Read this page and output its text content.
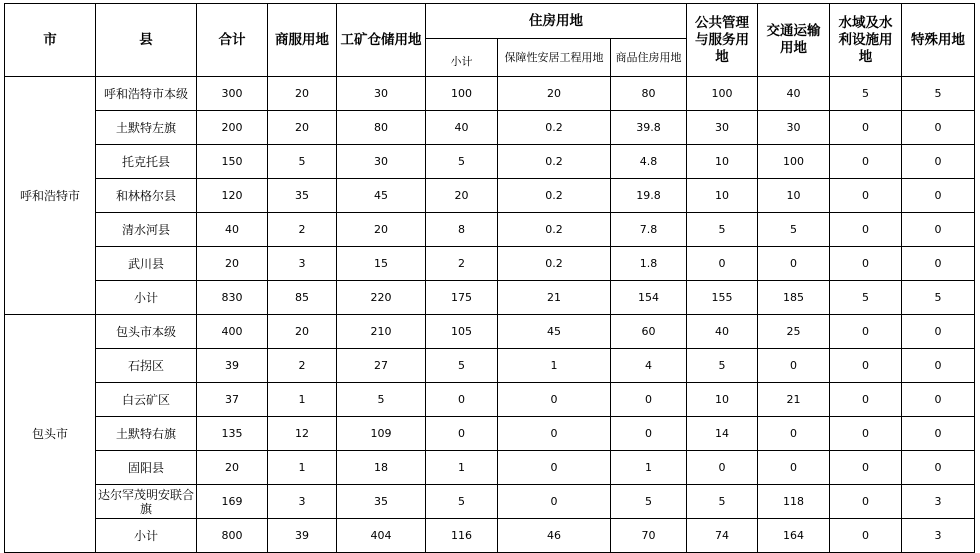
市	县	合计	商服用地	工矿仓储用地	住房用地			公共管理与服务用地	交通运输用地	水域及水利设施用地	特殊用地
					小计	保障性安居工程用地	商品住房用地				
呼和浩特市	呼和浩特市本级	300	20	30	100	20	80	100	40	5	5
	土默特左旗	200	20	80	40	0.2	39.8	30	30	0	0
	托克托县	150	5	30	5	0.2	4.8	10	100	0	0
	和林格尔县	120	35	45	20	0.2	19.8	10	10	0	0
	清水河县	40	2	20	8	0.2	7.8	5	5	0	0
	武川县	20	3	15	2	0.2	1.8	0	0	0	0
	小计	830	85	220	175	21	154	155	185	5	5
包头市	包头市本级	400	20	210	105	45	60	40	25	0	0
	石拐区	39	2	27	5	1	4	5	0	0	0
	白云矿区	37	1	5	0	0	0	10	21	0	0
	土默特右旗	135	12	109	0	0	0	14	0	0	0
	固阳县	20	1	18	1	0	1	0	0	0	0
	达尔罕茂明安联合旗	169	3	35	5	0	5	5	118	0	3
	小计	800	39	404	116	46	70	74	164	0	3
